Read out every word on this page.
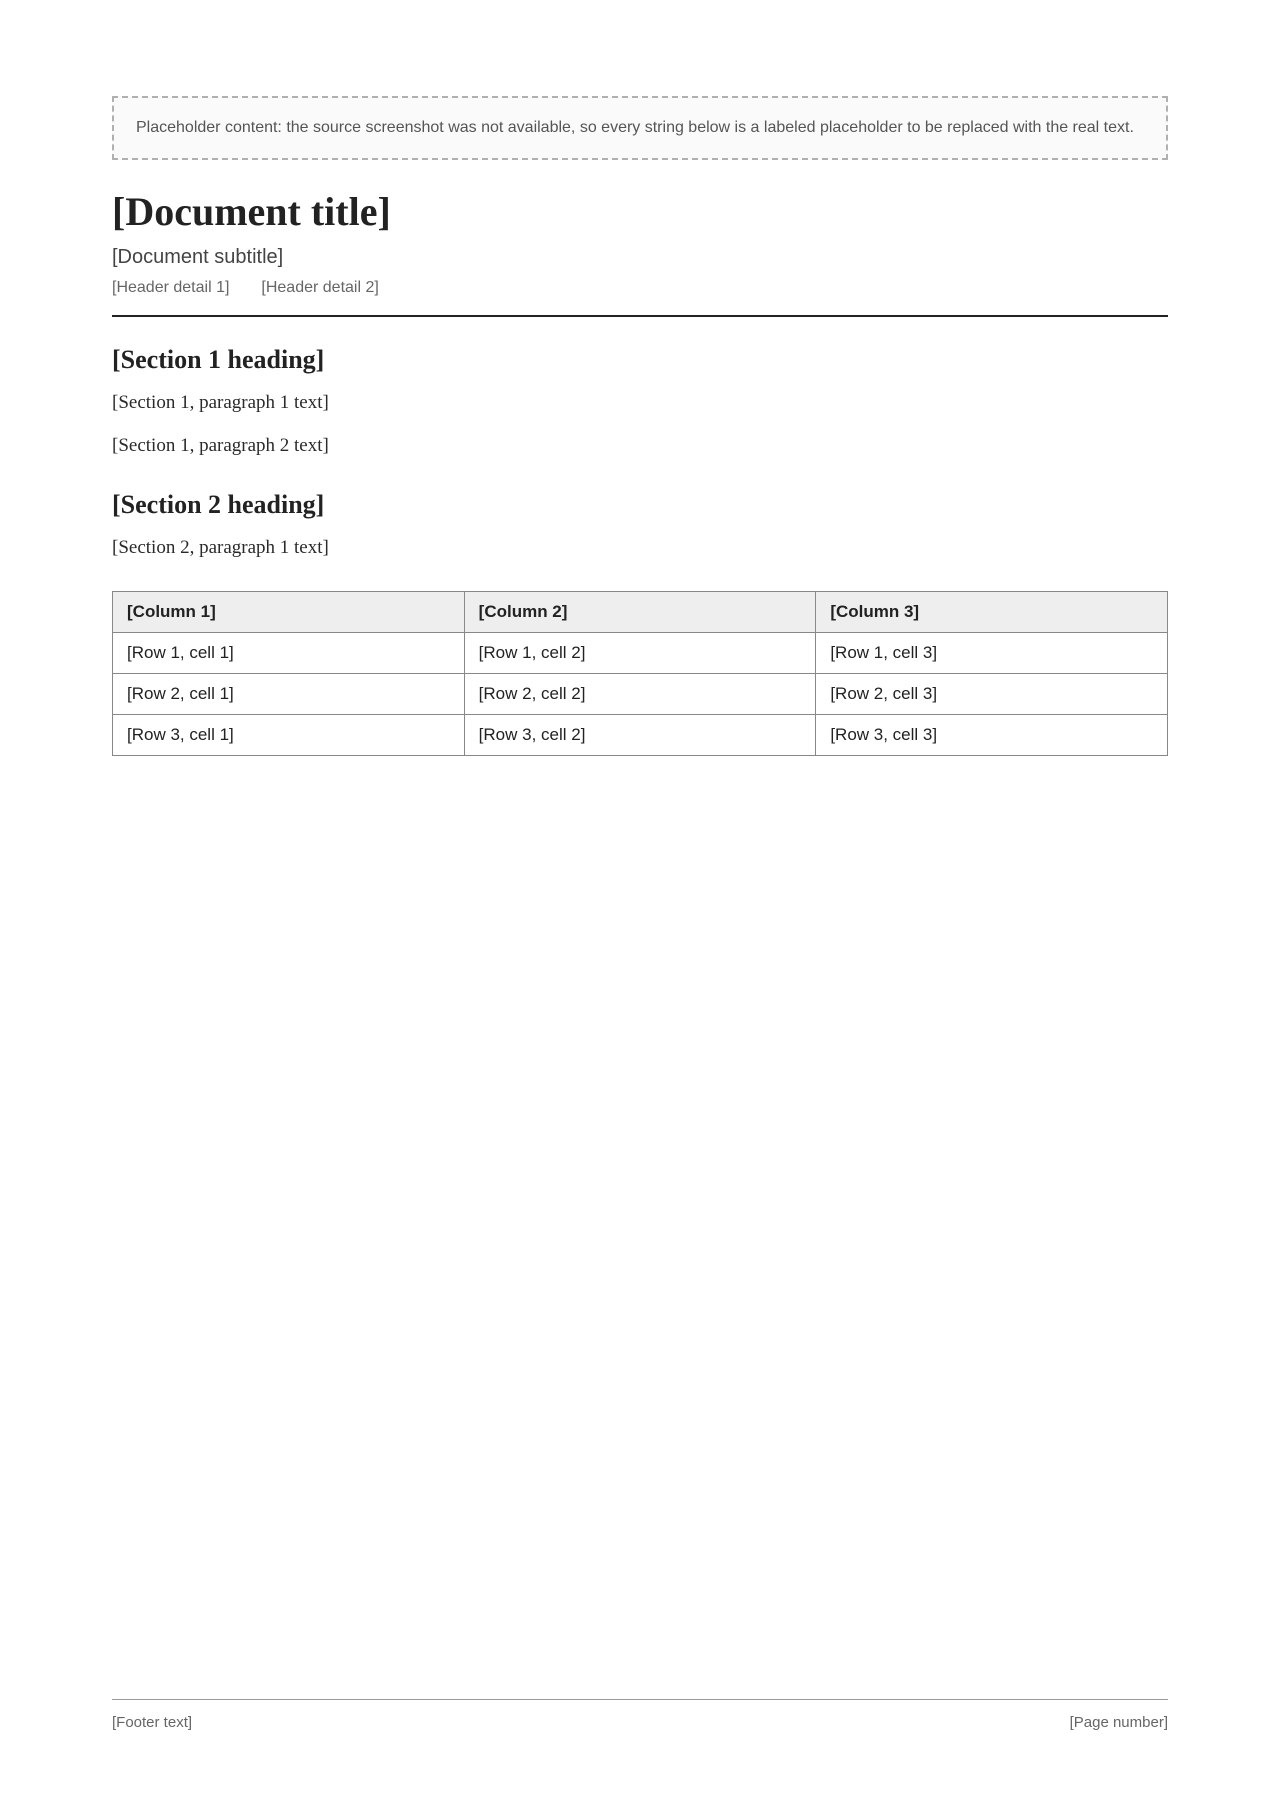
Placeholder content: the source screenshot was not available, so every string below is a labeled placeholder to be replaced with the real text.
[Document title]
[Document subtitle]
[Header detail 1] [Header detail 2]
[Section 1 heading]

[Section 1, paragraph 1 text]

[Section 1, paragraph 2 text]

[Section 2 heading]

[Section 2, paragraph 1 text]

[Column 1]	[Column 2]	[Column 3]
[Row 1, cell 1]	[Row 1, cell 2]	[Row 1, cell 3]
[Row 2, cell 1]	[Row 2, cell 2]	[Row 2, cell 3]
[Row 3, cell 1]	[Row 3, cell 2]	[Row 3, cell 3]
[Footer text]	[Page number]
